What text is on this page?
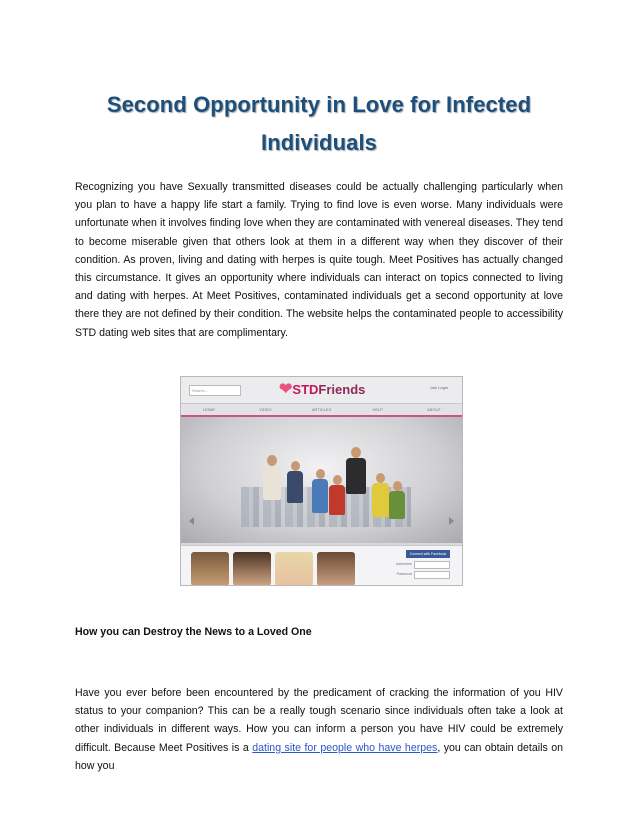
Second Opportunity in Love for Infected
Individuals

Recognizing you have Sexually transmitted diseases could be actually challenging particularly when you plan to have a happy life start a family. Trying to find love is even worse. Many individuals were unfortunate when it involves finding love when they are contaminated with venereal diseases. They tend to become miserable given that others look at them in a different way when they discover of their condition. As proven, living and dating with herpes is quite tough. Meet Positives has actually changed this circumstance. It gives an opportunity where individuals can interact on topics connected to living and dating with herpes. At Meet Positives, contaminated individuals get a second opportunity at love there they are not defined by their condition. The website helps the contaminated people to accessibility STD dating web sites that are complimentary.

Search...	❤STDFriends	Join Login
HOME	VIDEO	ARTICLES	HELP	ABOUT
Connect with Facebook
Username
Password

How you can Destroy the News to a Loved One

Have you ever before been encountered by the predicament of cracking the information of you HIV status to your companion? This can be a really tough scenario since individuals often take a look at other individuals in different ways. How you can inform a person you have HIV could be extremely difficult. Because Meet Positives is a dating site for people who have herpes, you can obtain details on how you
